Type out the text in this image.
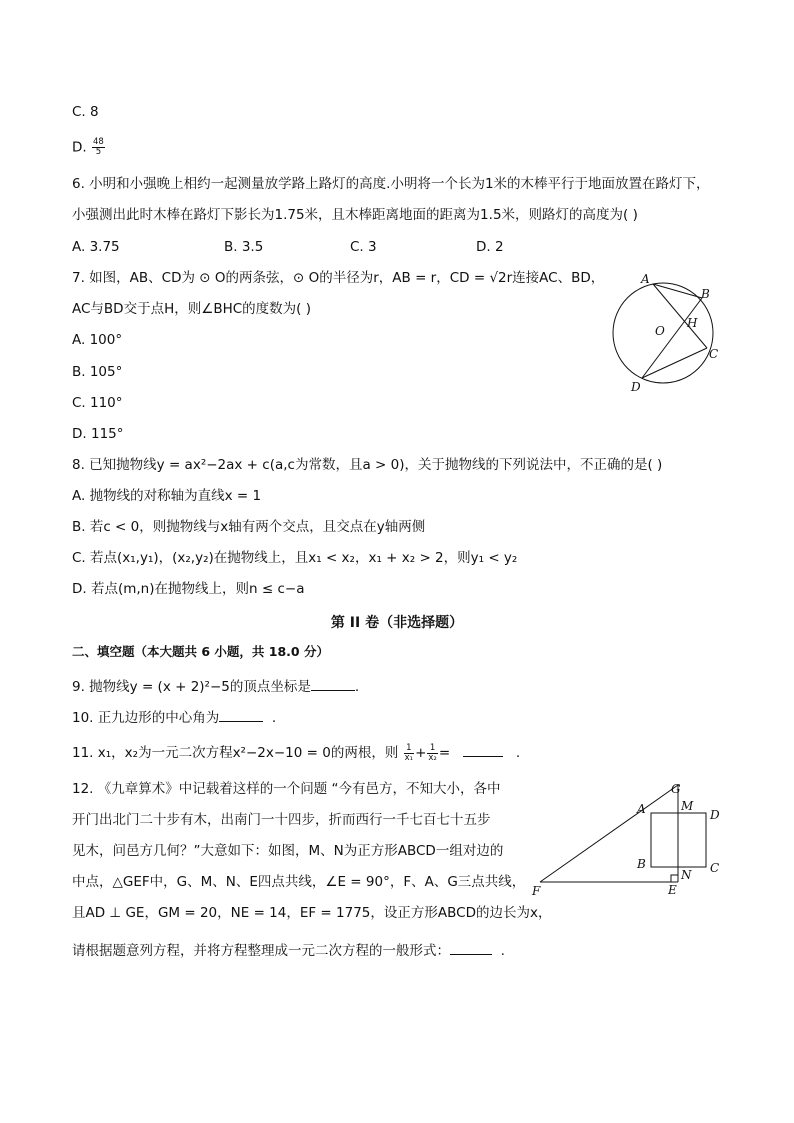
C. 8
D. $\frac{48}{5}$
6. 小明和小强晚上相约一起测量放学路上路灯的高度.小明将一个长为1米的木棒平行于地面放置在路灯下，
小强测出此时木棒在路灯下影长为1.75米，且木棒距离地面的距离为1.5米，则路灯的高度为( )
A. 3.75	B. 3.5	C. 3	D. 2
7. 如图，AB、CD为 ⊙ O的两条弦，⊙ O的半径为r，AB = r，CD = √2r连接AC、BD，
AC与BD交于点H，则∠BHC的度数为( )
A. 100°
B. 105°
C. 110°
D. 115°
A
B
C
D
O
H
8. 已知抛物线y = ax²−2ax + c(a,c为常数，且a > 0)，关于抛物线的下列说法中，不正确的是( )
A. 抛物线的对称轴为直线x = 1
B. 若c < 0，则抛物线与x轴有两个交点，且交点在y轴两侧
C. 若点(x₁,y₁)，(x₂,y₂)在抛物线上，且x₁ < x₂，x₁ + x₂ > 2，则y₁ < y₂
D. 若点(m,n)在抛物线上，则n ≤ c−a
第 II 卷（非选择题）
二、填空题（本大题共 6 小题，共 18.0 分）
9. 抛物线y = (x + 2)²−5的顶点坐标是	.
10. 正九边形的中心角为	.
11. x₁，x₂为一元二次方程x²−2x−10 = 0的两根，则 $\frac{1}{\text{x₁}} + \frac{1}{\text{x₂}}$ =	.
12. 《九章算术》中记载着这样的一个问题 “今有邑方，不知大小，各中
开门出北门二十步有木，出南门一十四步，折而西行一千七百七十五步
见木，问邑方几何？”大意如下：如图，M、N为正方形ABCD一组对边的
中点，△GEF中，G、M、N、E四点共线，∠E = 90°，F、A、G三点共线，
且AD ⊥ GE，GM = 20，NE = 14，EF = 1775，设正方形ABCD的边长为x，
请根据题意列方程，并将方程整理成一元二次方程的一般形式：	.
G
A	M
D
B	C
N
E
F
